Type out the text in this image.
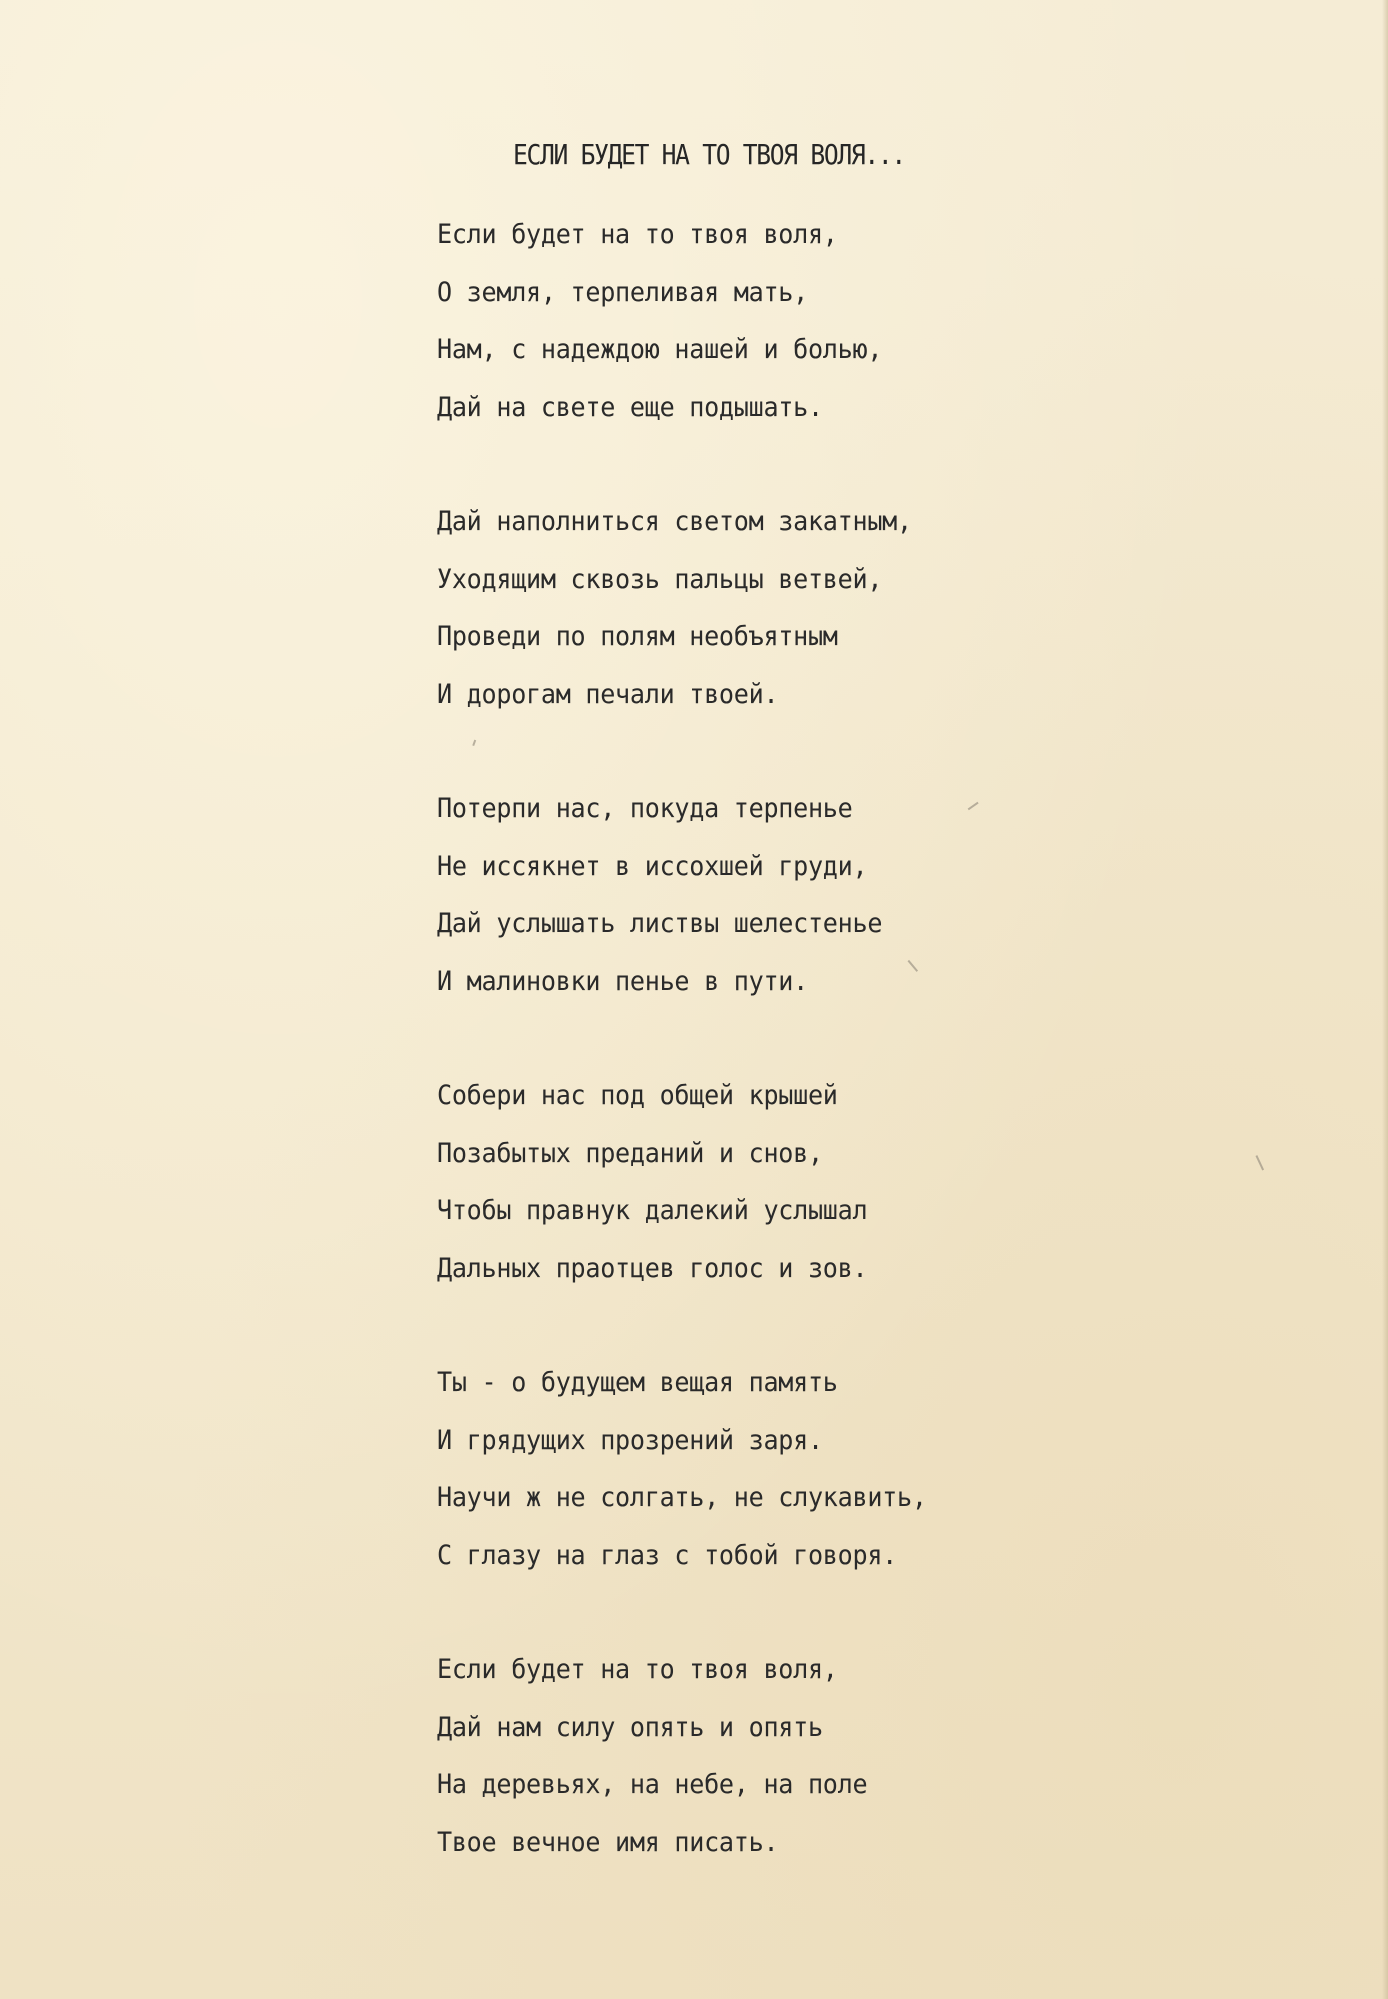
ЕСЛИ БУДЕТ НА ТО ТВОЯ ВОЛЯ...
Если будет на то твоя воля,
О земля, терпеливая мать,
Нам, с надеждою нашей и болью,
Дай на свете еще подышать.
Дай наполниться светом закатным,
Уходящим сквозь пальцы ветвей,
Проведи по полям необъятным
И дорогам печали твоей.
Потерпи нас, покуда терпенье
Не иссякнет в иссохшей груди,
Дай услышать листвы шелестенье
И малиновки пенье в пути.
Собери нас под общей крышей
Позабытых преданий и снов,
Чтобы правнук далекий услышал
Дальных праотцев голос и зов.
Ты - о будущем вещая память
И грядущих прозрений заря.
Научи ж не солгать, не слукавить,
С глазу на глаз с тобой говоря.
Если будет на то твоя воля,
Дай нам силу опять и опять
На деревьях, на небе, на поле
Твое вечное имя писать.
